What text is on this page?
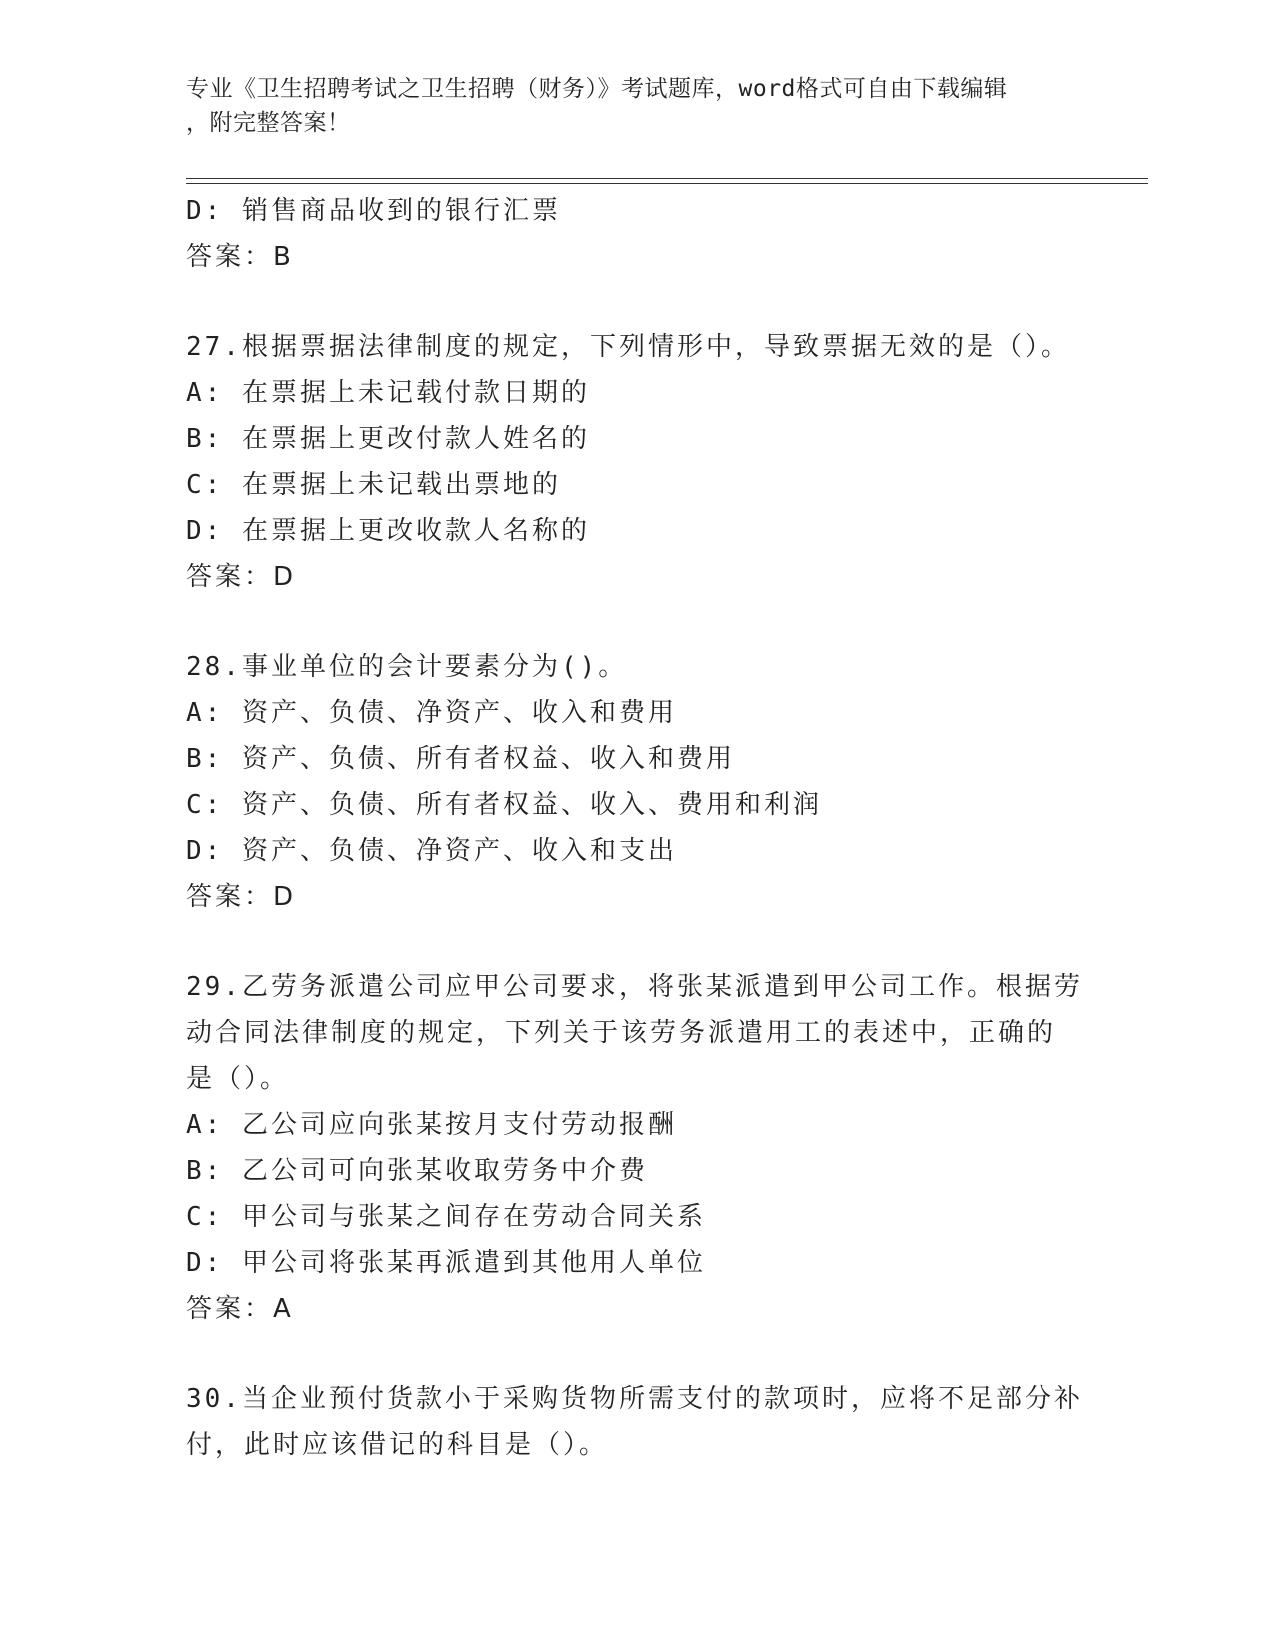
专业《卫生招聘考试之卫生招聘（财务）》考试题库，word格式可自由下载编辑
，附完整答案！
D: 销售商品收到的银行汇票
答案：B
27.根据票据法律制度的规定，下列情形中，导致票据无效的是（）。
A: 在票据上未记载付款日期的
B: 在票据上更改付款人姓名的
C: 在票据上未记载出票地的
D: 在票据上更改收款人名称的
答案：D
28.事业单位的会计要素分为()。
A: 资产、负债、净资产、收入和费用
B: 资产、负债、所有者权益、收入和费用
C: 资产、负债、所有者权益、收入、费用和利润
D: 资产、负债、净资产、收入和支出
答案：D
29.乙劳务派遣公司应甲公司要求，将张某派遣到甲公司工作。根据劳
动合同法律制度的规定，下列关于该劳务派遣用工的表述中，正确的
是（）。
A: 乙公司应向张某按月支付劳动报酬
B: 乙公司可向张某收取劳务中介费
C: 甲公司与张某之间存在劳动合同关系
D: 甲公司将张某再派遣到其他用人单位
答案：A
30.当企业预付货款小于采购货物所需支付的款项时，应将不足部分补
付，此时应该借记的科目是（）。
